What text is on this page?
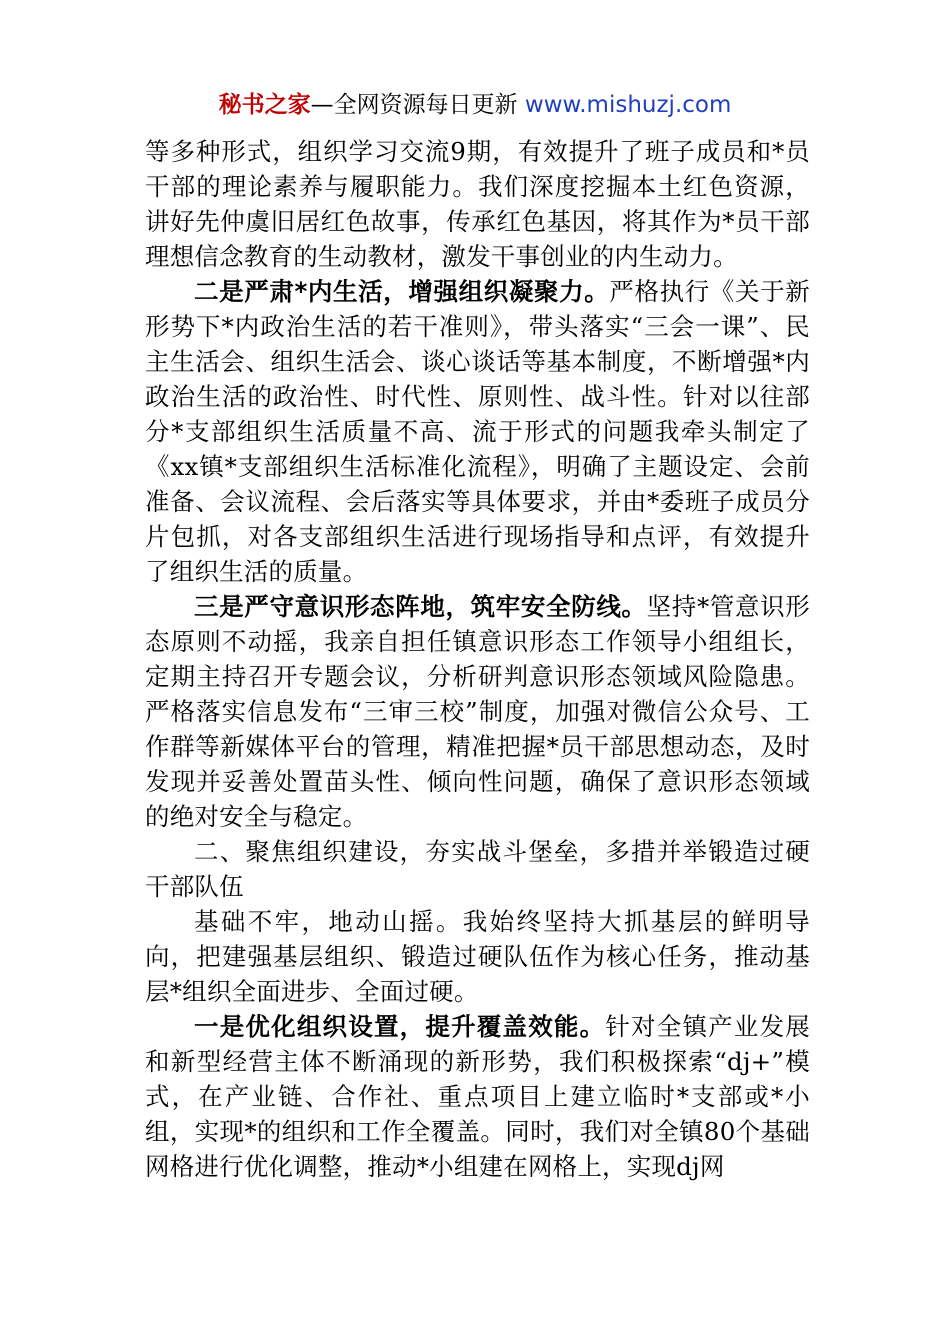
秘书之家—全网资源每日更新 www.mishuzj.com

等多种形式，组织学习交流9期，有效提升了班子成员和*员干部的理论素养与履职能力。我们深度挖掘本土红色资源，讲好先仲虞旧居红色故事，传承红色基因，将其作为*员干部理想信念教育的生动教材，激发干事创业的内生动力。

二是严肃*内生活，增强组织凝聚力。严格执行《关于新形势下*内政治生活的若干准则》，带头落实“三会一课”、民主生活会、组织生活会、谈心谈话等基本制度，不断增强*内政治生活的政治性、时代性、原则性、战斗性。针对以往部分*支部组织生活质量不高、流于形式的问题我牵头制定了《xx镇*支部组织生活标准化流程》，明确了主题设定、会前准备、会议流程、会后落实等具体要求，并由*委班子成员分片包抓，对各支部组织生活进行现场指导和点评，有效提升了组织生活的质量。

三是严守意识形态阵地，筑牢安全防线。坚持*管意识形态原则不动摇，我亲自担任镇意识形态工作领导小组组长，定期主持召开专题会议，分析研判意识形态领域风险隐患。严格落实信息发布“三审三校”制度，加强对微信公众号、工作群等新媒体平台的管理，精准把握*员干部思想动态，及时发现并妥善处置苗头性、倾向性问题，确保了意识形态领域的绝对安全与稳定。

二、聚焦组织建设，夯实战斗堡垒，多措并举锻造过硬干部队伍

基础不牢，地动山摇。我始终坚持大抓基层的鲜明导向，把建强基层组织、锻造过硬队伍作为核心任务，推动基层*组织全面进步、全面过硬。

一是优化组织设置，提升覆盖效能。针对全镇产业发展和新型经营主体不断涌现的新形势，我们积极探索“dj+”模式，在产业链、合作社、重点项目上建立临时*支部或*小组，实现*的组织和工作全覆盖。同时，我们对全镇80个基础网格进行优化调整，推动*小组建在网格上，实现dj网
